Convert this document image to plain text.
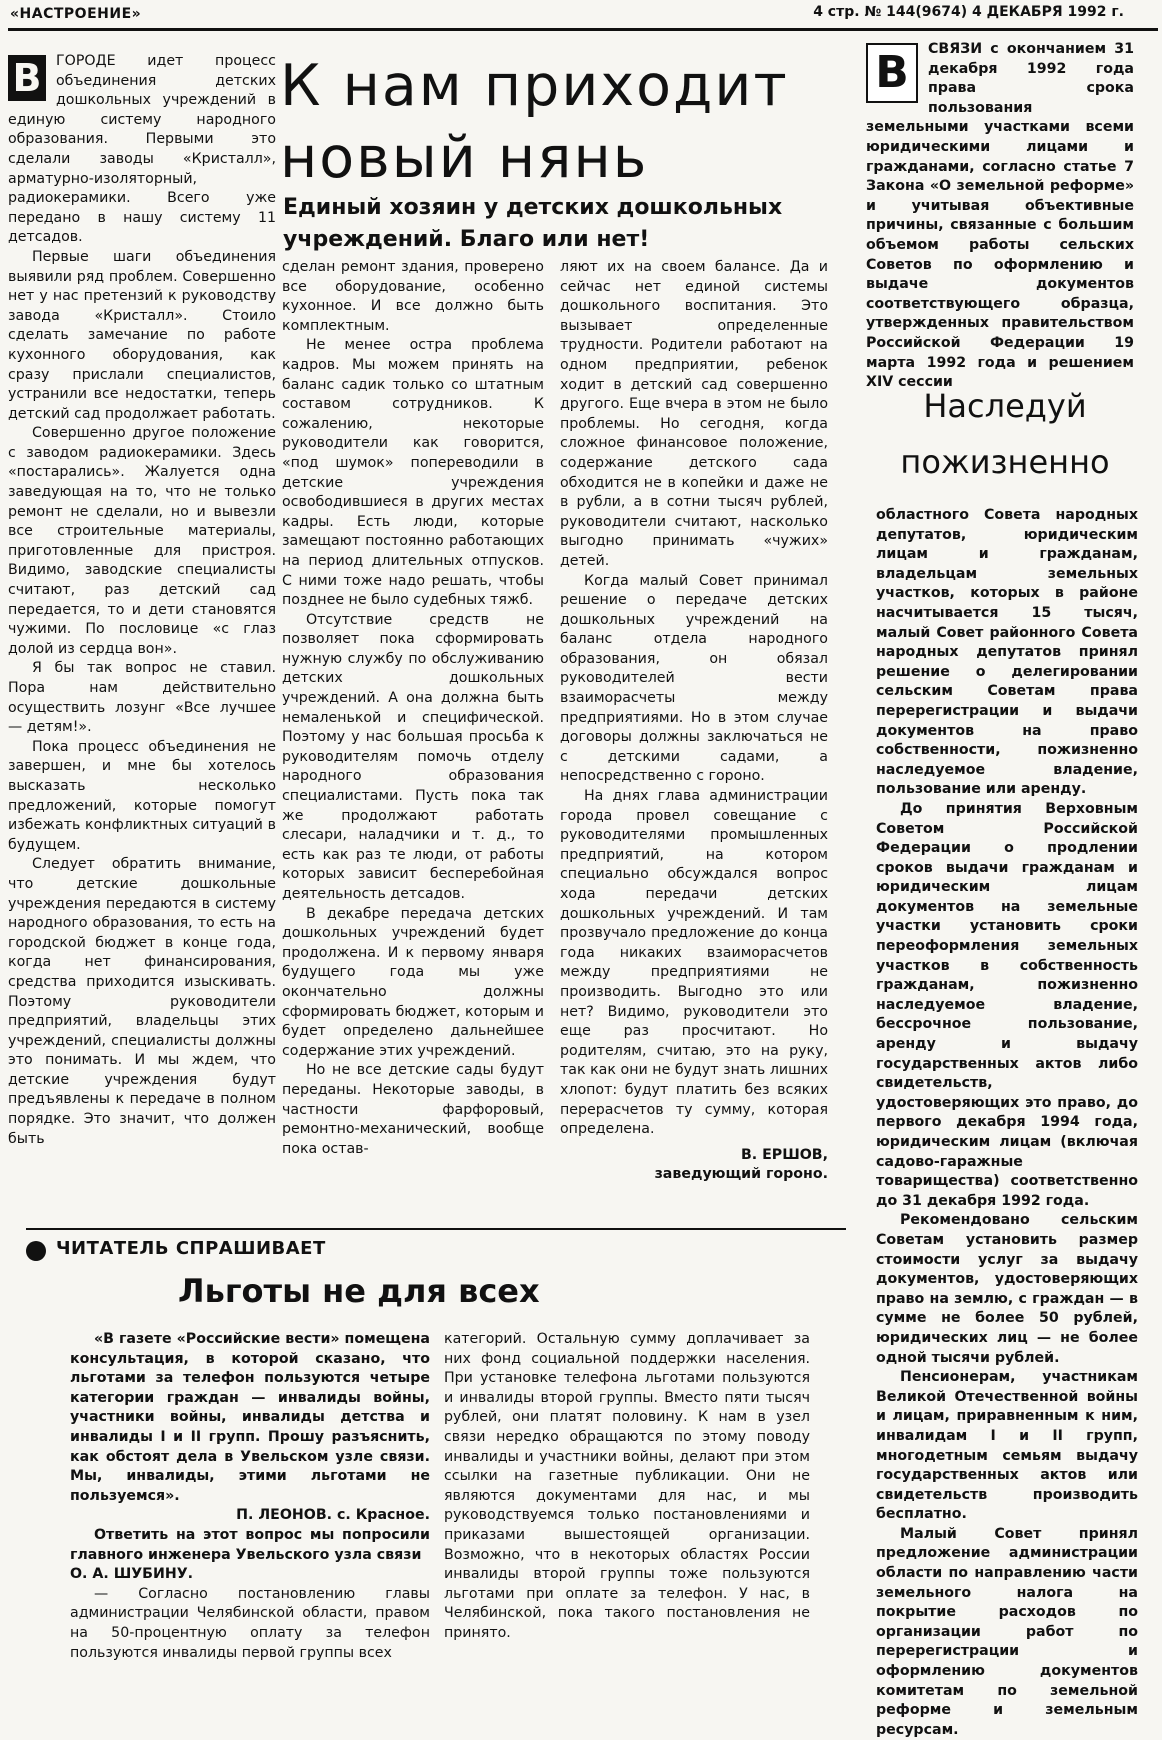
«НАСТРОЕНИЕ»	4 стр. № 144(9674) 4 ДЕКАБРЯ 1992 г.
К нам приходит новый нянь
Единый хозяин у детских дошкольных учреждений. Благо или нет!
В	ГОРОДЕ идет процесс объединения детских дошкольных учреждений в единую систему народного образования. Первыми это сделали заводы «Кристалл», арматурно-изоляторный, радиокерамики. Всего уже передано в нашу систему 11 детсадов.

Первые шаги объединения выявили ряд проблем. Совершенно нет у нас претензий к руководству завода «Кристалл». Стоило сделать замечание по работе кухонного оборудования, как сразу прислали специалистов, устранили все недостатки, теперь детский сад продолжает работать.

Совершенно другое положение с заводом радиокерамики. Здесь «постарались». Жалуется одна заведующая на то, что не только ремонт не сделали, но и вывезли все строительные материалы, приготовленные для пристроя. Видимо, заводские специалисты считают, раз детский сад передается, то и дети становятся чужими. По пословице «с глаз долой из сердца вон».

Я бы так вопрос не ставил. Пора нам действительно осуществить лозунг «Все лучшее — детям!».

Пока процесс объединения не завершен, и мне бы хотелось высказать несколько предложений, которые помогут избежать конфликтных ситуаций в будущем.

Следует обратить внимание, что детские дошкольные учреждения передаются в систему народного образования, то есть на городской бюджет в конце года, когда нет финансирования, средства приходится изыскивать. Поэтому руководители предприятий, владельцы этих учреждений, специалисты должны это понимать. И мы ждем, что детские учреждения будут предъявлены к передаче в полном порядке. Это значит, что должен быть

сделан ремонт здания, проверено все оборудование, особенно кухонное. И все должно быть комплектным.

Не менее остра проблема кадров. Мы можем принять на баланс садик только со штатным составом сотрудников. К сожалению, некоторые руководители как говорится, «под шумок» попереводили в детские учреждения освободившиеся в других местах кадры. Есть люди, которые замещают постоянно работающих на период длительных отпусков. С ними тоже надо решать, чтобы позднее не было судебных тяжб.

Отсутствие средств не позволяет пока сформировать нужную службу по обслуживанию детских дошкольных учреждений. А она должна быть немаленькой и специфической. Поэтому у нас большая просьба к руководителям помочь отделу народного образования специалистами. Пусть пока так же продолжают работать слесари, наладчики и т. д., то есть как раз те люди, от работы которых зависит бесперебойная деятельность детсадов.

В декабре передача детских дошкольных учреждений будет продолжена. И к первому января будущего года мы уже окончательно должны сформировать бюджет, которым и будет определено дальнейшее содержание этих учреждений.

Но не все детские сады будут переданы. Некоторые заводы, в частности фарфоровый, ремонтно-механический, вообще пока остав-

ляют их на своем балансе. Да и сейчас нет единой системы дошкольного воспитания. Это вызывает определенные трудности. Родители работают на одном предприятии, ребенок ходит в детский сад совершенно другого. Еще вчера в этом не было проблемы. Но сегодня, когда сложное финансовое положение, содержание детского сада обходится не в копейки и даже не в рубли, а в сотни тысяч рублей, руководители считают, насколько выгодно принимать «чужих» детей.

Когда малый Совет принимал решение о передаче детских дошкольных учреждений на баланс отдела народного образования, он обязал руководителей вести взаиморасчеты между предприятиями. Но в этом случае договоры должны заключаться не с детскими садами, а непосредственно с гороно.

На днях глава администрации города провел совещание с руководителями промышленных предприятий, на котором специально обсуждался вопрос хода передачи детских дошкольных учреждений. И там прозвучало предложение до конца года никаких взаиморасчетов между предприятиями не производить. Выгодно это или нет? Видимо, руководители это еще раз просчитают. Но родителям, считаю, это на руку, так как они не будут знать лишних хлопот: будут платить без всяких перерасчетов ту сумму, которая определена.

В. ЕРШОВ,
заведующий гороно.
В	СВЯЗИ с окончанием 31 декабря 1992 года права срока пользования земельными участками всеми юридическими лицами и гражданами, согласно статье 7 Закона «О земельной реформе» и учитывая объективные причины, связанные с большим объемом работы сельских Советов по оформлению и выдаче документов соответствующего образца, утвержденных правительством Российской Федерации 19 марта 1992 года и решением XIV сессии

Наследуй пожизненно

областного Совета народных депутатов, юридическим лицам и гражданам, владельцам земельных участков, которых в районе насчитывается 15 тысяч, малый Совет районного Совета народных депутатов принял решение о делегировании сельским Советам права перерегистрации и выдачи документов на право собственности, пожизненно наследуемое владение, пользование или аренду.

До принятия Верховным Советом Российской Федерации о продлении сроков выдачи гражданам и юридическим лицам документов на земельные участки установить сроки переоформления земельных участков в собственность гражданам, пожизненно наследуемое владение, бессрочное пользование, аренду и выдачу государственных актов либо свидетельств, удостоверяющих это право, до первого декабря 1994 года, юридическим лицам (включая садово-гаражные товарищества) соответственно до 31 декабря 1992 года.

Рекомендовано сельским Советам установить размер стоимости услуг за выдачу документов, удостоверяющих право на землю, с граждан — в сумме не более 50 рублей, юридических лиц — не более одной тысячи рублей.

Пенсионерам, участникам Великой Отечественной войны и лицам, приравненным к ним, инвалидам I и II групп, многодетным семьям выдачу государственных актов или свидетельств производить бесплатно.

Малый Совет принял предложение администрации области по направлению части земельного налога на покрытие расходов по организации работ по перерегистрации и оформлению документов комитетам по земельной реформе и земельным ресурсам.

ЧИТАТЕЛЬ СПРАШИВАЕТ
Льготы не для всех

«В газете «Российские вести» помещена консультация, в которой сказано, что льготами за телефон пользуются четыре категории граждан — инвалиды войны, участники войны, инвалиды детства и инвалиды I и II групп. Прошу разъяснить, как обстоят дела в Увельском узле связи. Мы, инвалиды, этими льготами не пользуемся».

П. ЛЕОНОВ. с. Красное.

Ответить на этот вопрос мы попросили главного инженера Увельского узла связи

О. А. ШУБИНУ.

— Согласно постановлению главы администрации Челябинской области, правом на 50-процентную оплату за телефон пользуются инвалиды первой группы всех

категорий. Остальную сумму доплачивает за них фонд социальной поддержки населения. При установке телефона льготами пользуются и инвалиды второй группы. Вместо пяти тысяч рублей, они платят половину. К нам в узел связи нередко обращаются по этому поводу инвалиды и участники войны, делают при этом ссылки на газетные публикации. Они не являются документами для нас, и мы руководствуемся только постановлениями и приказами вышестоящей организации. Возможно, что в некоторых областях России инвалиды второй группы тоже пользуются льготами при оплате за телефон. У нас, в Челябинской, пока такого постановления не принято.
